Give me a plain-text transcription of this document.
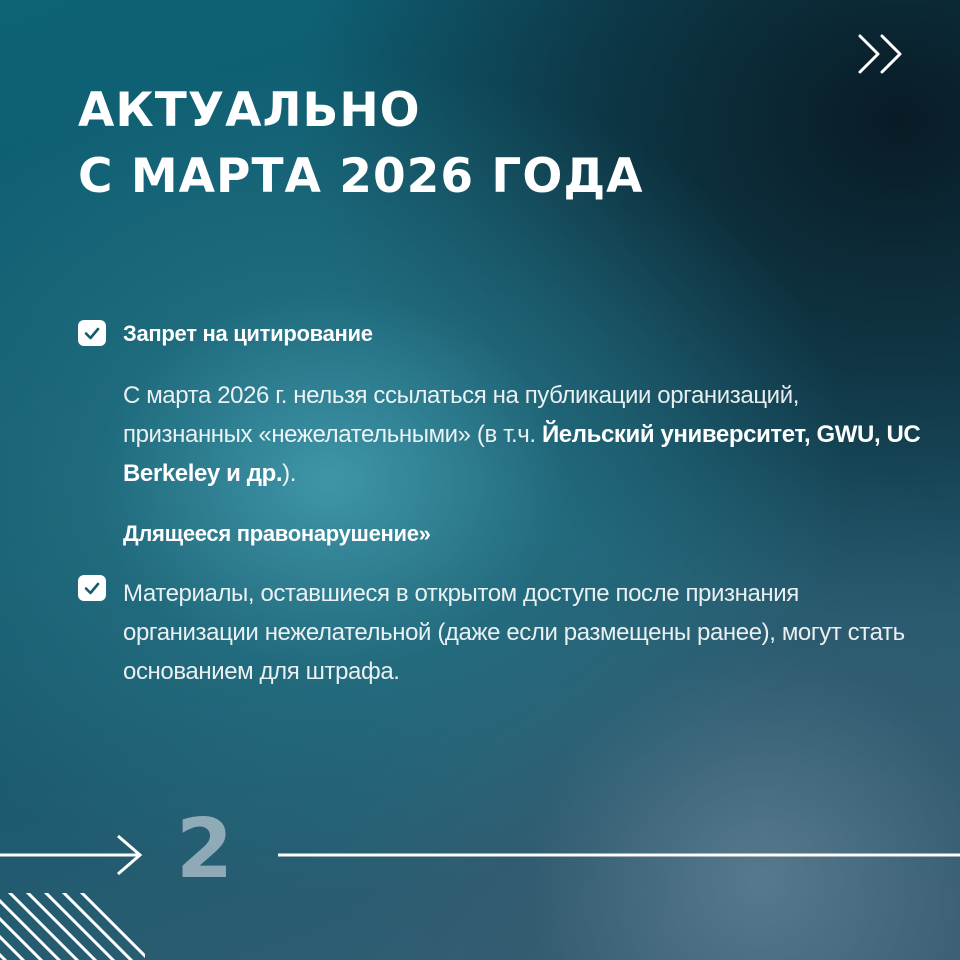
АКТУАЛЬНО
С МАРТА 2026 ГОДА
Запрет на цитирование

С марта 2026 г. нельзя ссылаться на публикации организаций, признанных «нежелательными» (в т.ч. Йельский университет, GWU, UC Berkeley и др.).

Длящееся правонарушение»

Материалы, оставшиеся в открытом доступе после признания организации нежелательной (даже если размещены ранее), могут стать основанием для штрафа.

2
